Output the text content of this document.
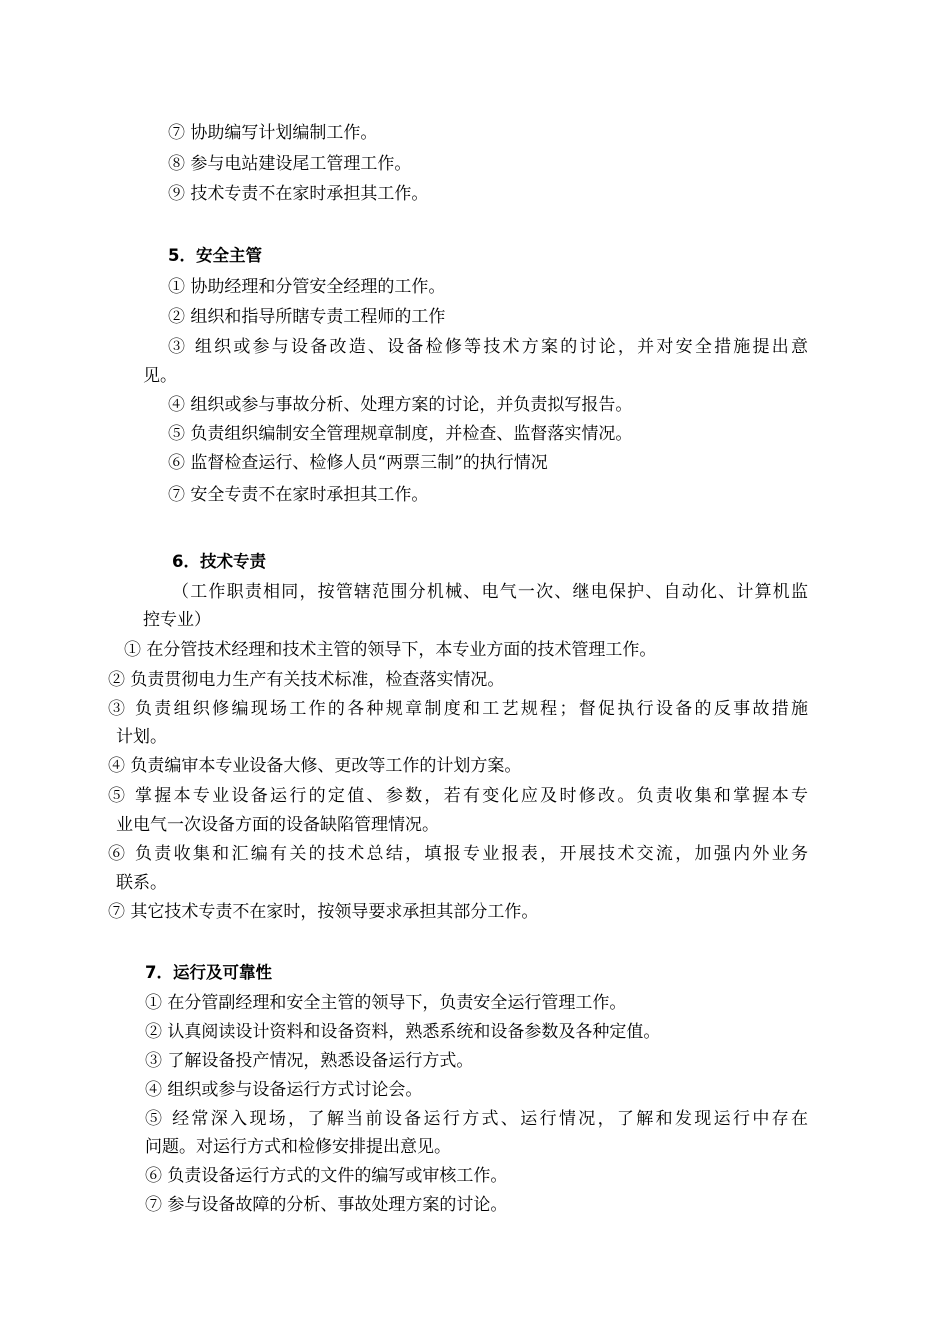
⑦ 协助编写计划编制工作。

⑧ 参与电站建设尾工管理工作。

⑨ 技术专责不在家时承担其工作。

5．安全主管

① 协助经理和分管安全经理的工作。

② 组织和指导所瞎专责工程师的工作

③ 组织或参与设备改造、设备检修等技术方案的讨论，并对安全措施提出意

见。

④ 组织或参与事故分析、处理方案的讨论，并负责拟写报告。

⑤ 负责组织编制安全管理规章制度，并检查、监督落实情况。

⑥ 监督检查运行、检修人员“两票三制”的执行情况

⑦ 安全专责不在家时承担其工作。

6．技术专责

（工作职责相同，按管辖范围分机械、电气一次、继电保护、自动化、计算机监

控专业）

① 在分管技术经理和技术主管的领导下，本专业方面的技术管理工作。

② 负责贯彻电力生产有关技术标准，检查落实情况。

③ 负责组织修编现场工作的各种规章制度和工艺规程；督促执行设备的反事故措施

计划。

④ 负责编审本专业设备大修、更改等工作的计划方案。

⑤ 掌握本专业设备运行的定值、参数，若有变化应及时修改。负责收集和掌握本专

业电气一次设备方面的设备缺陷管理情况。

⑥ 负责收集和汇编有关的技术总结，填报专业报表，开展技术交流，加强内外业务

联系。

⑦ 其它技术专责不在家时，按领导要求承担其部分工作。

7．运行及可靠性

① 在分管副经理和安全主管的领导下，负责安全运行管理工作。

② 认真阅读设计资料和设备资料，熟悉系统和设备参数及各种定值。

③ 了解设备投产情况，熟悉设备运行方式。

④ 组织或参与设备运行方式讨论会。

⑤ 经常深入现场，了解当前设备运行方式、运行情况，了解和发现运行中存在

问题。对运行方式和检修安排提出意见。

⑥ 负责设备运行方式的文件的编写或审核工作。

⑦ 参与设备故障的分析、事故处理方案的讨论。
